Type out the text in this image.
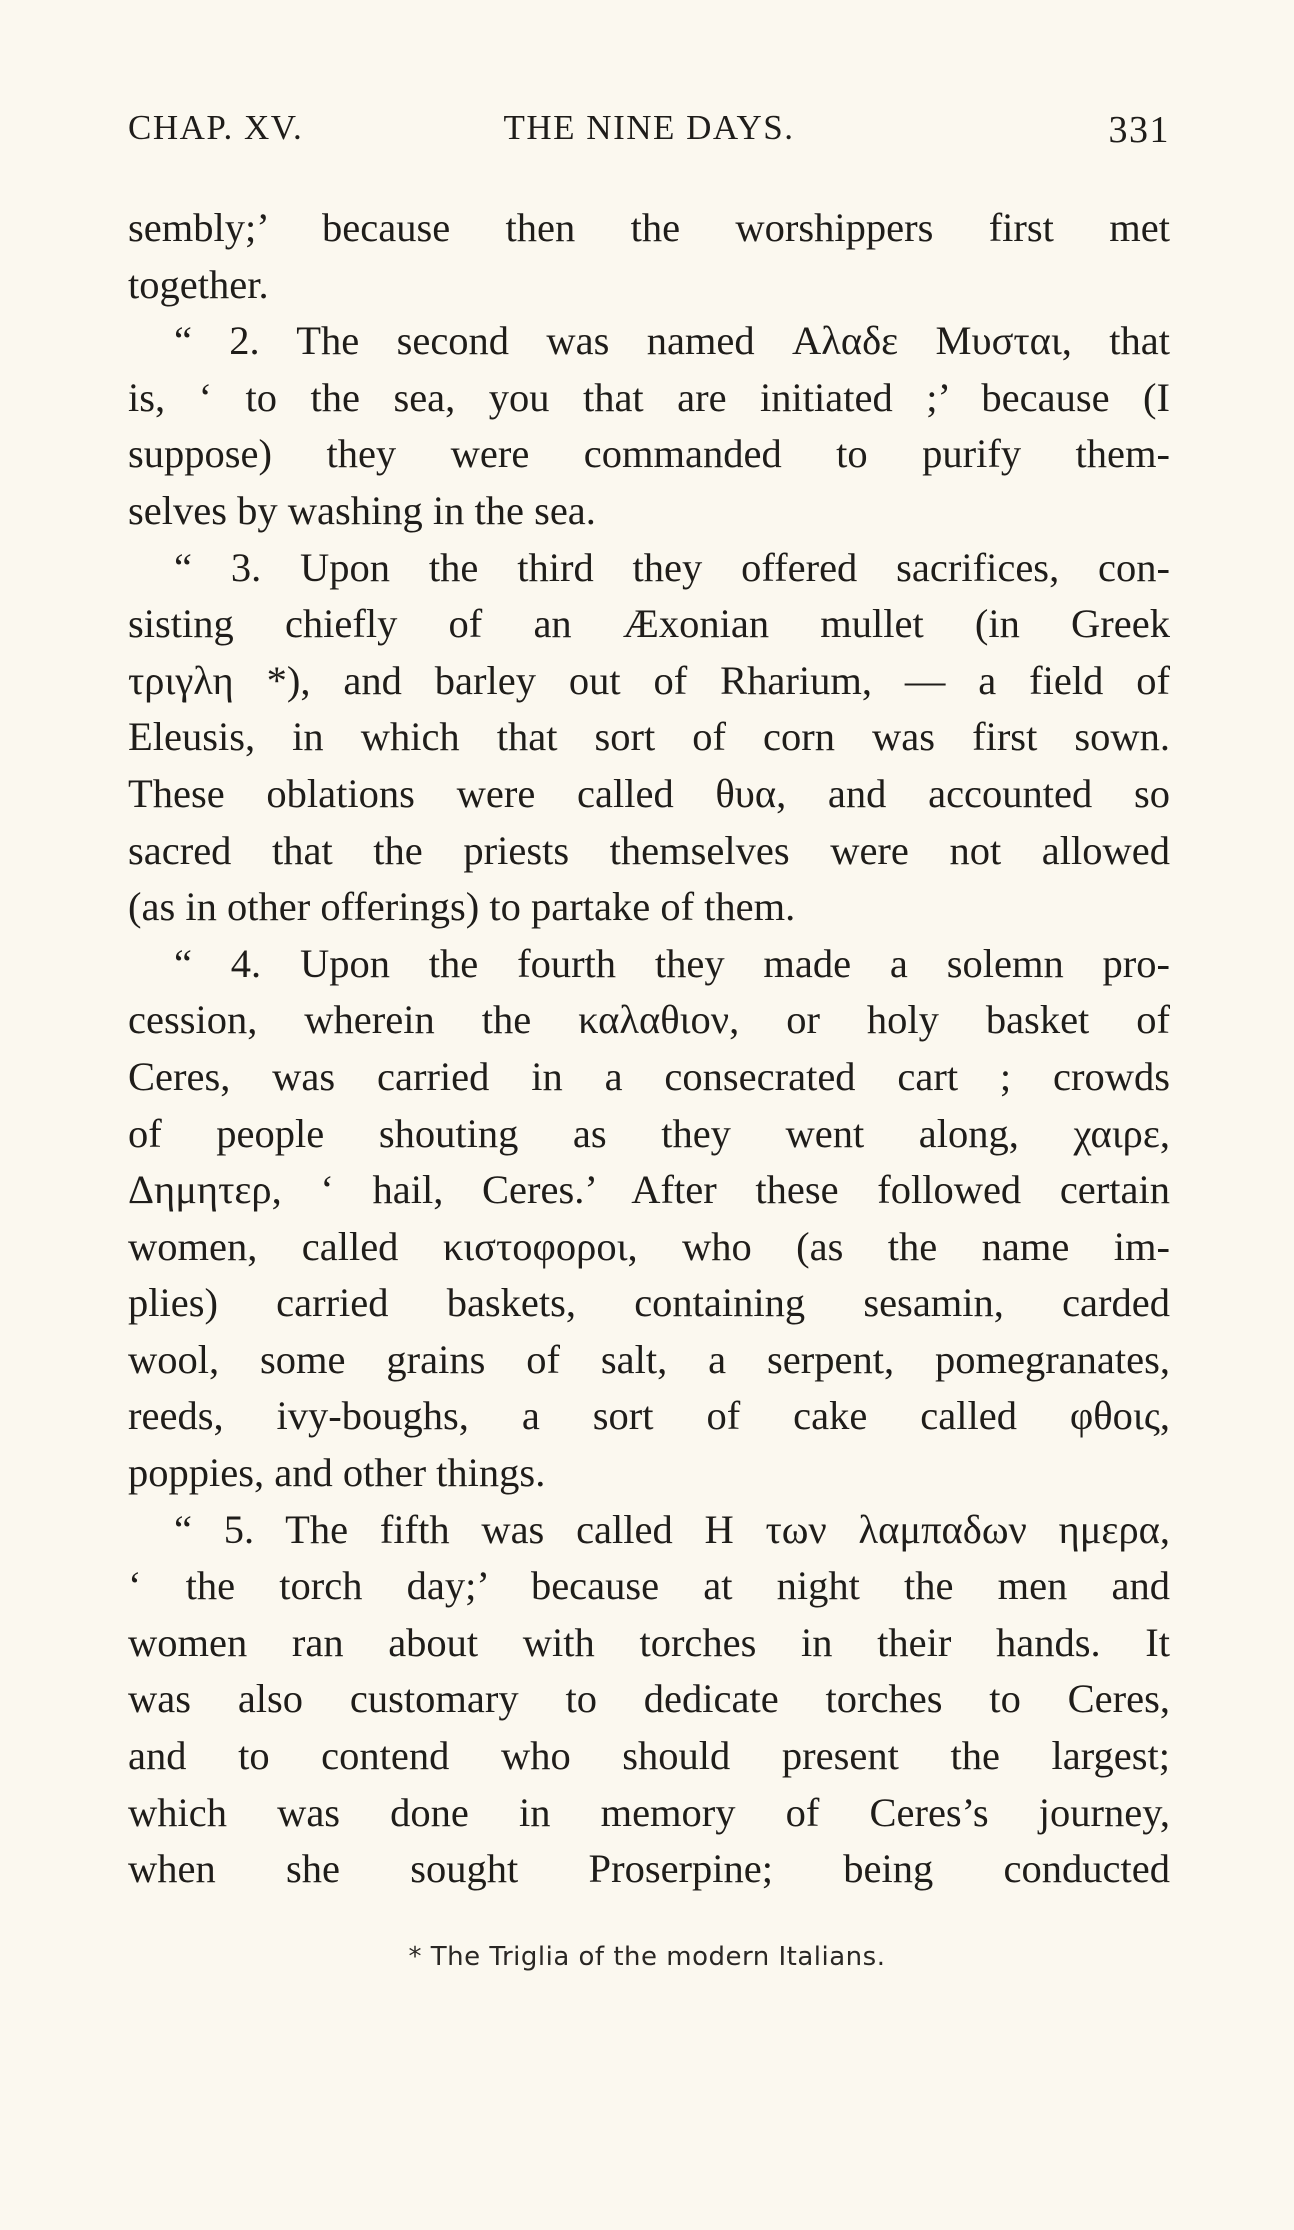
CHAP. XV.	THE NINE DAYS.	331
sembly;’ because then the worshippers first met
together.
“ 2. The second was named Αλαδε Μυσται, that
is, ‘ to the sea, you that are initiated ;’ because (I
suppose) they were commanded to purify them-
selves by washing in the sea.
“ 3. Upon the third they offered sacrifices, con-
sisting chiefly of an Æxonian mullet (in Greek
τριγλη *), and barley out of Rharium, — a field of
Eleusis, in which that sort of corn was first sown.
These oblations were called θυα, and accounted so
sacred that the priests themselves were not allowed
(as in other offerings) to partake of them.
“ 4. Upon the fourth they made a solemn pro-
cession, wherein the καλαθιον, or holy basket of
Ceres, was carried in a consecrated cart ; crowds
of people shouting as they went along, χαιρε,
Δημητερ, ‘ hail, Ceres.’ After these followed certain
women, called κιστοφοροι, who (as the name im-
plies) carried baskets, containing sesamin, carded
wool, some grains of salt, a serpent, pomegranates,
reeds, ivy-boughs, a sort of cake called φθοις,
poppies, and other things.
“ 5. The fifth was called H των λαμπαδων ημερα,
‘ the torch day;’ because at night the men and
women ran about with torches in their hands. It
was also customary to dedicate torches to Ceres,
and to contend who should present the largest;
which was done in memory of Ceres’s journey,
when she sought Proserpine; being conducted
* The Triglia of the modern Italians.
